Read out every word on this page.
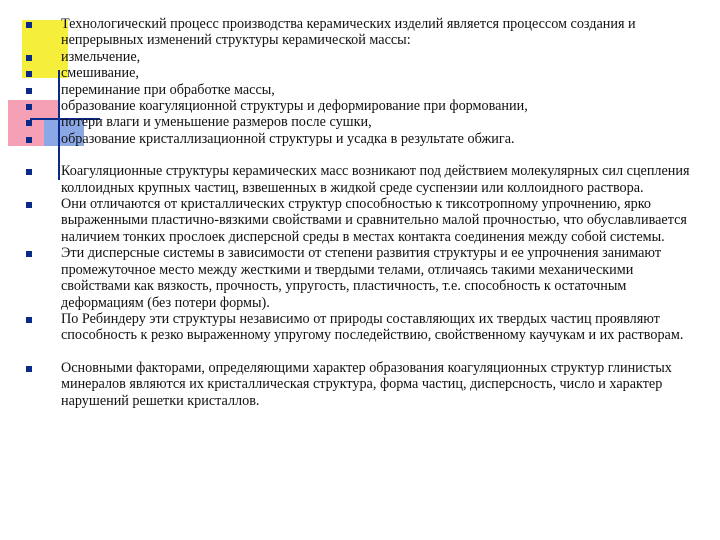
Технологический процесс производства керамических изделий является процессом создания и непрерывных изменений структуры керамической массы:
измельчение,
смешивание,
переминание при обработке массы,
образование коагуляционной структуры и деформирование при формовании,
потери влаги и уменьшение размеров после сушки,
образование кристаллизационной структуры и усадка в результате обжига.
Коагуляционные структуры керамических масс возникают под действием молекулярных сил сцепления коллоидных крупных частиц, взвешенных в жидкой среде суспензии или коллоидного раствора.
Они отличаются от кристаллических структур способностью к тиксотропному упрочнению, ярко выраженными пластично-вязкими свойствами и сравнительно малой прочностью, что обуславливается наличием тонких прослоек дисперсной среды в местах контакта соединения между собой системы.
Эти дисперсные системы в зависимости от степени развития структуры и ее упрочнения занимают промежуточное место между жесткими и твердыми телами, отличаясь такими механическими свойствами как вязкость, прочность, упругость, пластичность, т.е. способность к остаточным деформациям (без потери формы).
По Ребиндеру эти структуры независимо от природы составляющих их твердых частиц проявляют способность к резко выраженному упругому последействию, свойственному каучукам и их растворам.
Основными факторами, определяющими характер образования коагуляционных структур глинистых минералов являются их кристаллическая структура, форма частиц, дисперсность, число и характер нарушений решетки кристаллов.
